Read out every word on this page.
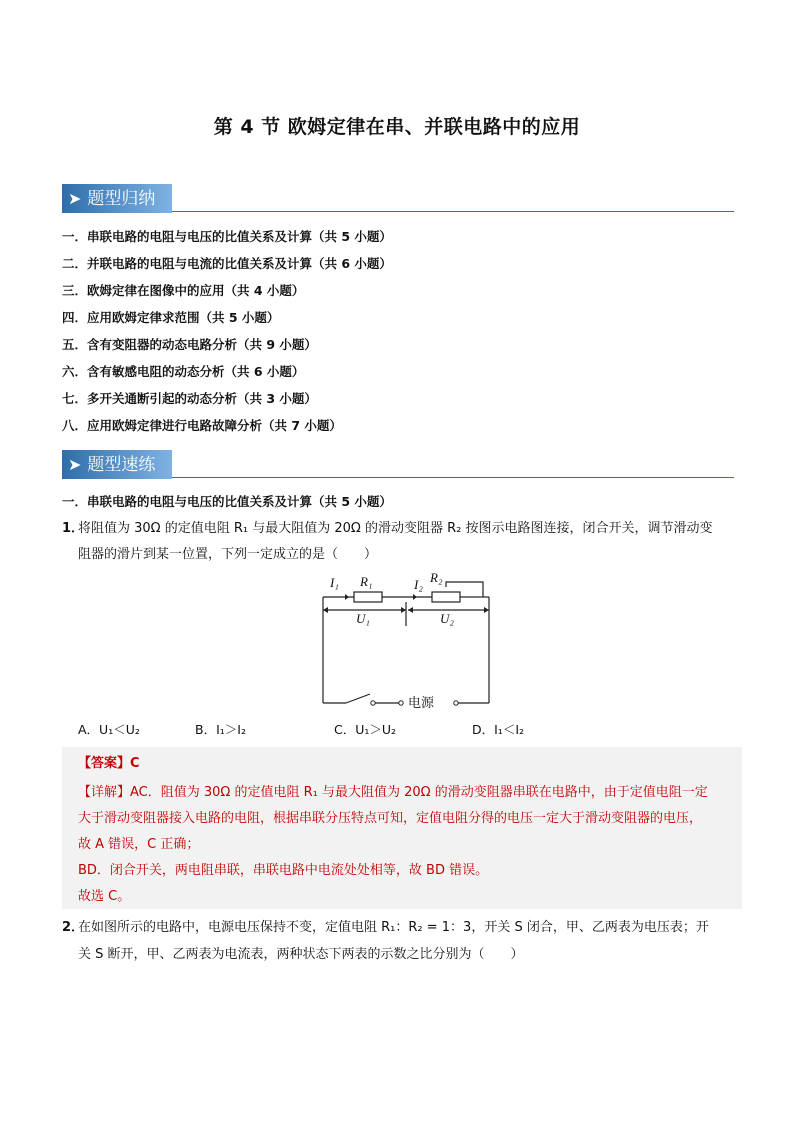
第 4 节 欧姆定律在串、并联电路中的应用
➤ 题型归纳
一．串联电路的电阻与电压的比值关系及计算（共 5 小题）
二．并联电路的电阻与电流的比值关系及计算（共 6 小题）
三．欧姆定律在图像中的应用（共 4 小题）
四．应用欧姆定律求范围（共 5 小题）
五．含有变阻器的动态电路分析（共 9 小题）
六．含有敏感电阻的动态分析（共 6 小题）
七．多开关通断引起的动态分析（共 3 小题）
八．应用欧姆定律进行电路故障分析（共 7 小题）
➤ 题型速练
一．串联电路的电阻与电压的比值关系及计算（共 5 小题）
1．将阻值为 30Ω 的定值电阻 R₁ 与最大阻值为 20Ω 的滑动变阻器 R₂ 按图示电路图连接，闭合开关，调节滑动变
阻器的滑片到某一位置，下列一定成立的是（　　）
I₁ R₁	I₂ R₂
U₁	U₂
电源
A．U₁＜U₂	B．I₁＞I₂	C．U₁＞U₂	D．I₁＜I₂
【答案】C
【详解】AC．阻值为 30Ω 的定值电阻 R₁ 与最大阻值为 20Ω 的滑动变阻器串联在电路中，由于定值电阻一定
大于滑动变阻器接入电路的电阻，根据串联分压特点可知，定值电阻分得的电压一定大于滑动变阻器的电压，
故 A 错误，C 正确；
BD．闭合开关，两电阻串联，串联电路中电流处处相等，故 BD 错误。
故选 C。
2．在如图所示的电路中，电源电压保持不变，定值电阻 R₁：R₂ = 1：3，开关 S 闭合，甲、乙两表为电压表；开
关 S 断开，甲、乙两表为电流表，两种状态下两表的示数之比分别为（　　）
